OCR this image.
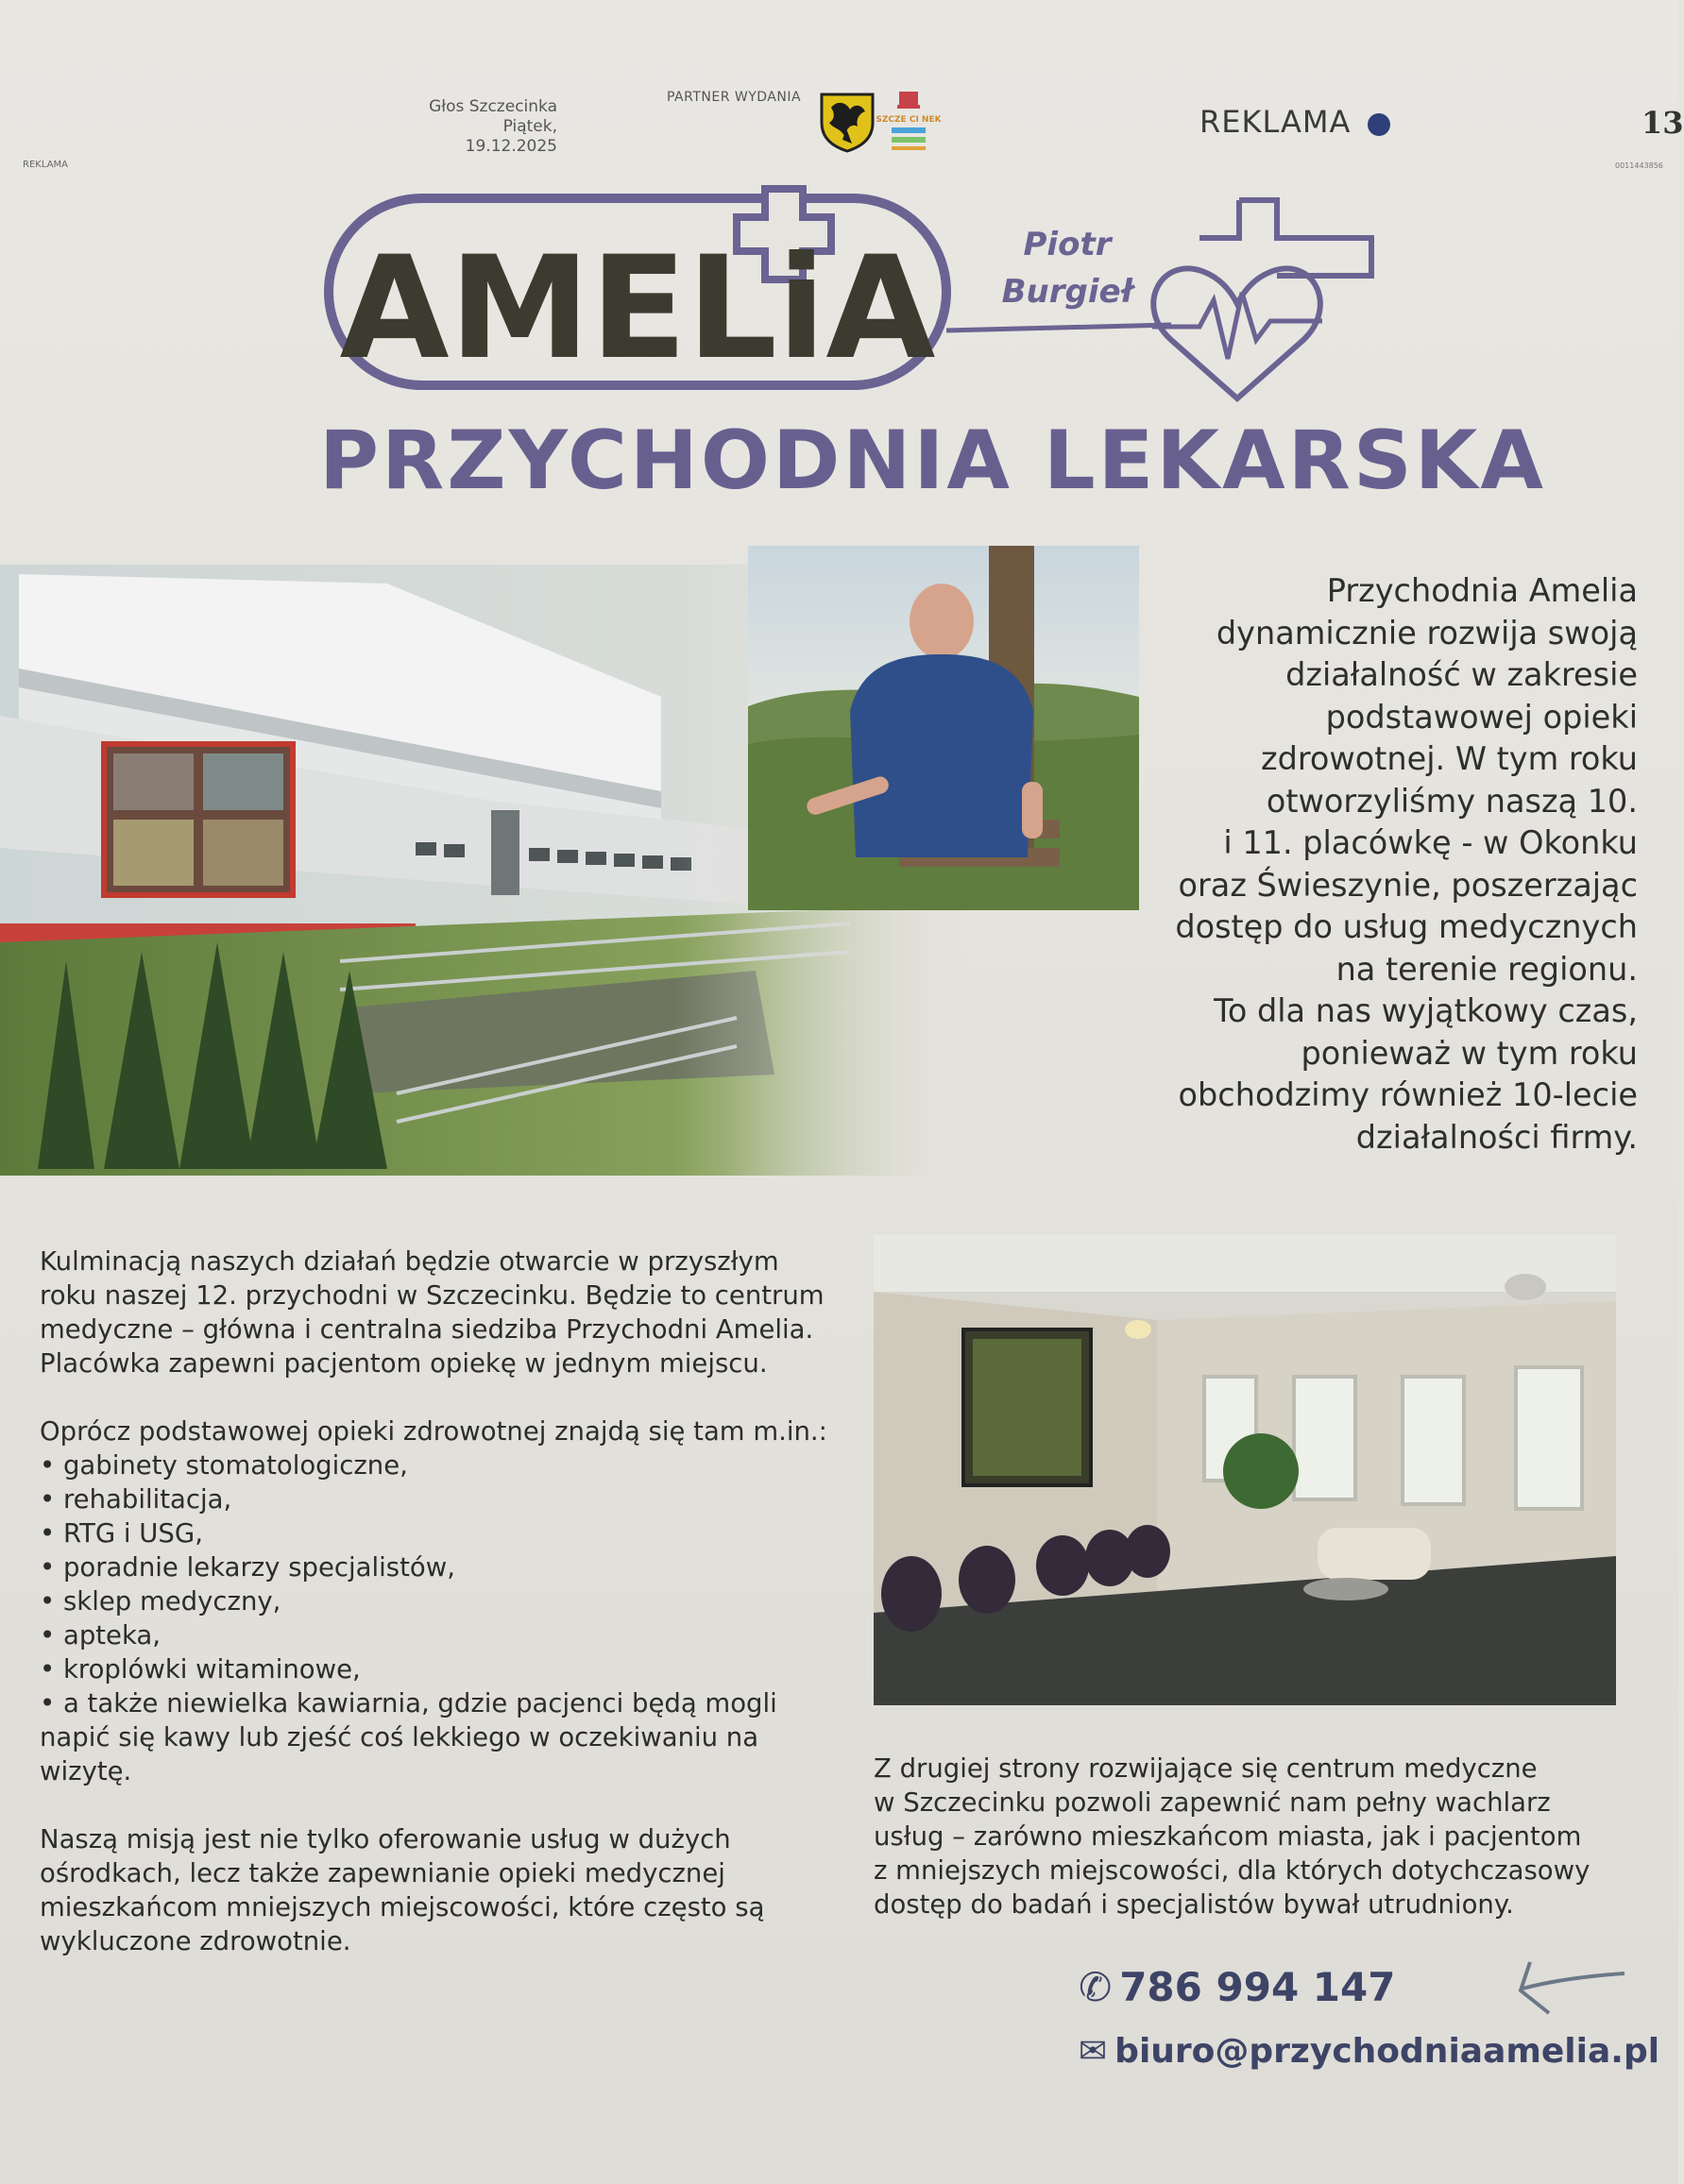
Głos Szczecinka
Piątek, 19.12.2025
PARTNER WYDANIA
SZCZE CI NEK	REKLAMA	13
REKLAMA	0011443856
AMELiA	Piotr
Burgieł
PRZYCHODNIA LEKARSKA
Przychodnia Amelia
dynamicznie rozwija swoją
działalność w zakresie
podstawowej opieki
zdrowotnej. W tym roku
otworzyliśmy naszą 10.
i 11. placówkę - w Okonku
oraz Świeszynie, poszerzając
dostęp do usług medycznych
na terenie regionu.
To dla nas wyjątkowy czas,
ponieważ w tym roku
obchodzimy również 10-lecie
działalności firmy.

Kulminacją naszych działań będzie otwarcie w przyszłym
roku naszej 12. przychodni w Szczecinku. Będzie to centrum
medyczne – główna i centralna siedziba Przychodni Amelia.
Placówka zapewni pacjentom opiekę w jednym miejscu.

Oprócz podstawowej opieki zdrowotnej znajdą się tam m.in.:
• gabinety stomatologiczne,
• rehabilitacja,
• RTG i USG,
• poradnie lekarzy specjalistów,
• sklep medyczny,
• apteka,
• kroplówki witaminowe,
• a także niewielka kawiarnia, gdzie pacjenci będą mogli
napić się kawy lub zjeść coś lekkiego w oczekiwaniu na
wizytę.

Naszą misją jest nie tylko oferowanie usług w dużych
ośrodkach, lecz także zapewnianie opieki medycznej
mieszkańcom mniejszych miejscowości, które często są
wykluczone zdrowotnie.

Z drugiej strony rozwijające się centrum medyczne
w Szczecinku pozwoli zapewnić nam pełny wachlarz
usług – zarówno mieszkańcom miasta, jak i pacjentom
z mniejszych miejscowości, dla których dotychczasowy
dostęp do badań i specjalistów bywał utrudniony.
✆ 786 994 147
✉ biuro@przychodniaamelia.pl
